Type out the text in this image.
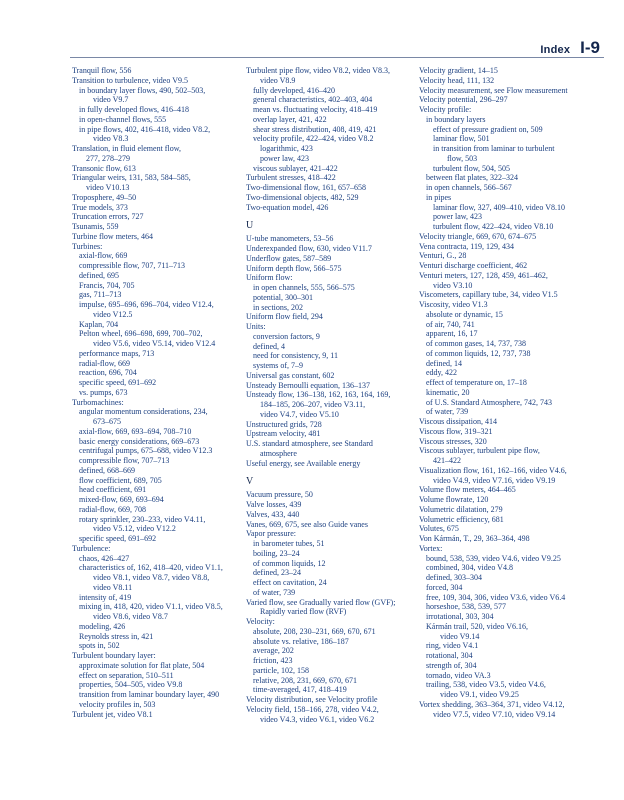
Index I-9
Tranquil flow, 556
Transition to turbulence, video V9.5
in boundary layer flows, 490, 502–503,
video V9.7
in fully developed flows, 416–418
in open-channel flows, 555
in pipe flows, 402, 416–418, video V8.2,
video V8.3
Translation, in fluid element flow,
277, 278–279
Transonic flow, 613
Triangular weirs, 131, 583, 584–585,
video V10.13
Troposphere, 49–50
True models, 373
Truncation errors, 727
Tsunamis, 559
Turbine flow meters, 464
Turbines:
axial-flow, 669
compressible flow, 707, 711–713
defined, 695
Francis, 704, 705
gas, 711–713
impulse, 695–696, 696–704, video V12.4,
video V12.5
Kaplan, 704
Pelton wheel, 696–698, 699, 700–702,
video V5.6, video V5.14, video V12.4
performance maps, 713
radial-flow, 669
reaction, 696, 704
specific speed, 691–692
vs. pumps, 673
Turbomachines:
angular momentum considerations, 234,
673–675
axial-flow, 669, 693–694, 708–710
basic energy considerations, 669–673
centrifugal pumps, 675–688, video V12.3
compressible flow, 707–713
defined, 668–669
flow coefficient, 689, 705
head coefficient, 691
mixed-flow, 669, 693–694
radial-flow, 669, 708
rotary sprinkler, 230–233, video V4.11,
video V5.12, video V12.2
specific speed, 691–692
Turbulence:
chaos, 426–427
characteristics of, 162, 418–420, video V1.1,
video V8.1, video V8.7, video V8.8,
video V8.11
intensity of, 419
mixing in, 418, 420, video V1.1, video V8.5,
video V8.6, video V8.7
modeling, 426
Reynolds stress in, 421
spots in, 502
Turbulent boundary layer:
approximate solution for flat plate, 504
effect on separation, 510–511
properties, 504–505, video V9.8
transition from laminar boundary layer, 490
velocity profiles in, 503
Turbulent jet, video V8.1
Turbulent pipe flow, video V8.2, video V8.3,
video V8.9
fully developed, 416–420
general characteristics, 402–403, 404
mean vs. fluctuating velocity, 418–419
overlap layer, 421, 422
shear stress distribution, 408, 419, 421
velocity profile, 422–424, video V8.2
logarithmic, 423
power law, 423
viscous sublayer, 421–422
Turbulent stresses, 418–422
Two-dimensional flow, 161, 657–658
Two-dimensional objects, 482, 529
Two-equation model, 426
U
U-tube manometers, 53–56
Underexpanded flow, 630, video V11.7
Underflow gates, 587–589
Uniform depth flow, 566–575
Uniform flow:
in open channels, 555, 566–575
potential, 300–301
in sections, 202
Uniform flow field, 294
Units:
conversion factors, 9
defined, 4
need for consistency, 9, 11
systems of, 7–9
Universal gas constant, 602
Unsteady Bernoulli equation, 136–137
Unsteady flow, 136–138, 162, 163, 164, 169,
184–185, 206–207, video V3.11,
video V4.7, video V5.10
Unstructured grids, 728
Upstream velocity, 481
U.S. standard atmosphere, see Standard
atmosphere
Useful energy, see Available energy
V
Vacuum pressure, 50
Valve losses, 439
Valves, 433, 440
Vanes, 669, 675, see also Guide vanes
Vapor pressure:
in barometer tubes, 51
boiling, 23–24
of common liquids, 12
defined, 23–24
effect on cavitation, 24
of water, 739
Varied flow, see Gradually varied flow (GVF);
Rapidly varied flow (RVF)
Velocity:
absolute, 208, 230–231, 669, 670, 671
absolute vs. relative, 186–187
average, 202
friction, 423
particle, 102, 158
relative, 208, 231, 669, 670, 671
time-averaged, 417, 418–419
Velocity distribution, see Velocity profile
Velocity field, 158–166, 278, video V4.2,
video V4.3, video V6.1, video V6.2
Velocity gradient, 14–15
Velocity head, 111, 132
Velocity measurement, see Flow measurement
Velocity potential, 296–297
Velocity profile:
in boundary layers
effect of pressure gradient on, 509
laminar flow, 501
in transition from laminar to turbulent
flow, 503
turbulent flow, 504, 505
between flat plates, 322–324
in open channels, 566–567
in pipes
laminar flow, 327, 409–410, video V8.10
power law, 423
turbulent flow, 422–424, video V8.10
Velocity triangle, 669, 670, 674–675
Vena contracta, 119, 129, 434
Venturi, G., 28
Venturi discharge coefficient, 462
Venturi meters, 127, 128, 459, 461–462,
video V3.10
Viscometers, capillary tube, 34, video V1.5
Viscosity, video V1.3
absolute or dynamic, 15
of air, 740, 741
apparent, 16, 17
of common gases, 14, 737, 738
of common liquids, 12, 737, 738
defined, 14
eddy, 422
effect of temperature on, 17–18
kinematic, 20
of U.S. Standard Atmosphere, 742, 743
of water, 739
Viscous dissipation, 414
Viscous flow, 319–321
Viscous stresses, 320
Viscous sublayer, turbulent pipe flow,
421–422
Visualization flow, 161, 162–166, video V4.6,
video V4.9, video V7.16, video V9.19
Volume flow meters, 464–465
Volume flowrate, 120
Volumetric dilatation, 279
Volumetric efficiency, 681
Volutes, 675
Von Kármán, T., 29, 363–364, 498
Vortex:
bound, 538, 539, video V4.6, video V9.25
combined, 304, video V4.8
defined, 303–304
forced, 304
free, 109, 304, 306, video V3.6, video V6.4
horseshoe, 538, 539, 577
irrotational, 303, 304
Kármán trail, 520, video V6.16,
video V9.14
ring, video V4.1
rotational, 304
strength of, 304
tornado, video VA.3
trailing, 538, video V3.5, video V4.6,
video V9.1, video V9.25
Vortex shedding, 363–364, 371, video V4.12,
video V7.5, video V7.10, video V9.14
